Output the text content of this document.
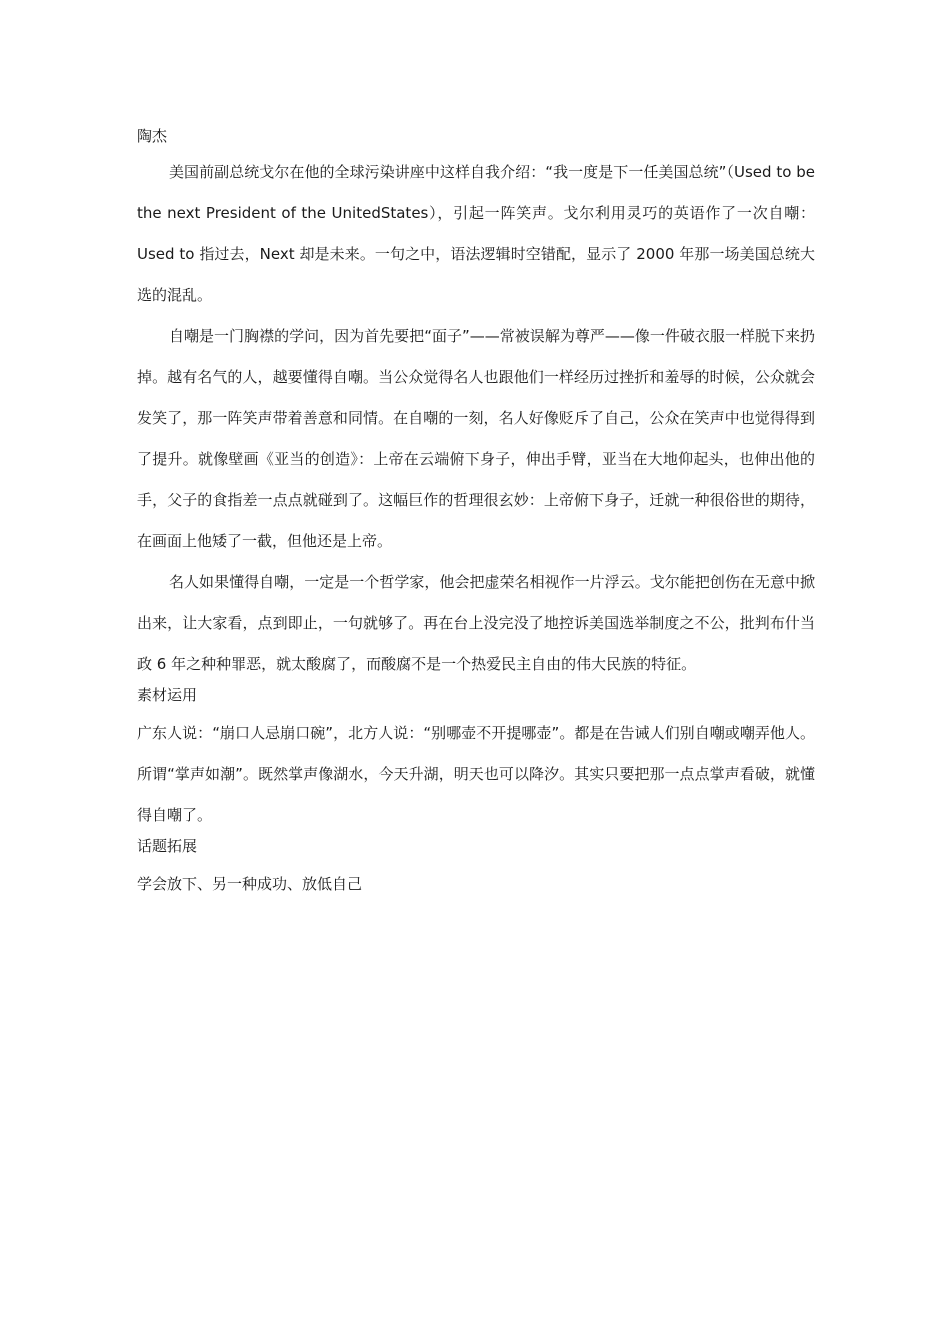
陶杰

美国前副总统戈尔在他的全球污染讲座中这样自我介绍：“我一度是下一任美国总统”（Used to be the next President of the UnitedStates），引起一阵笑声。戈尔利用灵巧的英语作了一次自嘲：Used to 指过去，Next 却是未来。一句之中，语法逻辑时空错配，显示了 2000 年那一场美国总统大选的混乱。

自嘲是一门胸襟的学问，因为首先要把“面子”——常被误解为尊严——像一件破衣服一样脱下来扔掉。越有名气的人，越要懂得自嘲。当公众觉得名人也跟他们一样经历过挫折和羞辱的时候，公众就会发笑了，那一阵笑声带着善意和同情。在自嘲的一刻，名人好像贬斥了自己，公众在笑声中也觉得得到了提升。就像壁画《亚当的创造》：上帝在云端俯下身子，伸出手臂，亚当在大地仰起头，也伸出他的手，父子的食指差一点点就碰到了。这幅巨作的哲理很玄妙：上帝俯下身子，迁就一种很俗世的期待，在画面上他矮了一截，但他还是上帝。

名人如果懂得自嘲，一定是一个哲学家，他会把虚荣名相视作一片浮云。戈尔能把创伤在无意中掀出来，让大家看，点到即止，一句就够了。再在台上没完没了地控诉美国选举制度之不公，批判布什当政 6 年之种种罪恶，就太酸腐了，而酸腐不是一个热爱民主自由的伟大民族的特征。

素材运用

广东人说：“崩口人忌崩口碗”，北方人说：“别哪壶不开提哪壶”。都是在告诫人们别自嘲或嘲弄他人。所谓“掌声如潮”。既然掌声像湖水，今天升湖，明天也可以降汐。其实只要把那一点点掌声看破，就懂得自嘲了。

话题拓展

学会放下、另一种成功、放低自己
